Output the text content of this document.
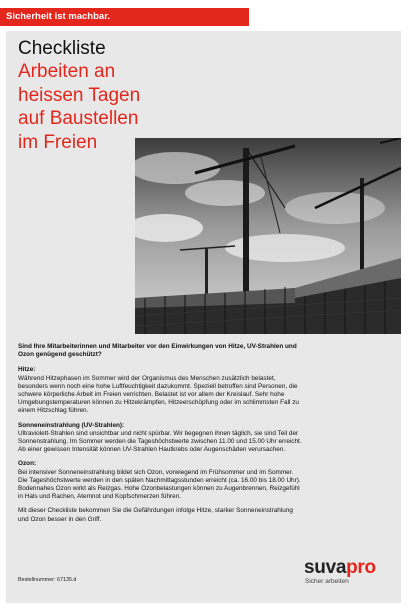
Sicherheit ist machbar.
Checkliste
Arbeiten an heissen Tagen auf Baustellen im Freien

Sind Ihre Mitarbeiterinnen und Mitarbeiter vor den Einwirkungen von Hitze, UV-Strahlen und Ozon genügend geschützt?

Hitze:

Während Hitzephasen im Sommer wird der Organismus des Menschen zusätzlich belastet, besonders wenn noch eine hohe Luftfeuchtigkeit dazukommt. Speziell betroffen sind Personen, die schwere körperliche Arbeit im Freien verrichten. Belastet ist vor allem der Kreislauf. Sehr hohe Umgebungstemperaturen können zu Hitzekrämpfen, Hitzeerschöpfung oder im schlimmsten Fall zu einem Hitzschlag führen.

Sonneneinstrahlung (UV-Strahlen):

Ultraviolett-Strahlen sind unsichtbar und nicht spürbar. Wir begegnen ihnen täglich, sie sind Teil der Sonnenstrahlung. Im Sommer werden die Tageshöchstwerte zwischen 11.00 und 15.00 Uhr erreicht. Ab einer gewissen Intensität können UV-Strahlen Hautkrebs oder Augenschäden verursachen.

Ozon:

Bei intensiver Sonneneinstrahlung bildet sich Ozon, vorwiegend im Frühsommer und im Sommer. Die Tageshöchstwerte werden in den späten Nachmittagsstunden erreicht (ca. 16.00 bis 18.00 Uhr). Bodennahes Ozon wirkt als Reizgas. Hohe Ozonbelastungen können zu Augenbrennen, Reizgefühl in Hals und Rachen, Atemnot und Kopfschmerzen führen.

Mit dieser Checkliste bekommen Sie die Gefährdungen infolge Hitze, starker Sonneneinstrahlung und Ozon besser in den Griff.

Bestellnummer: 67135.d
suvapro
Sicher arbeiten
